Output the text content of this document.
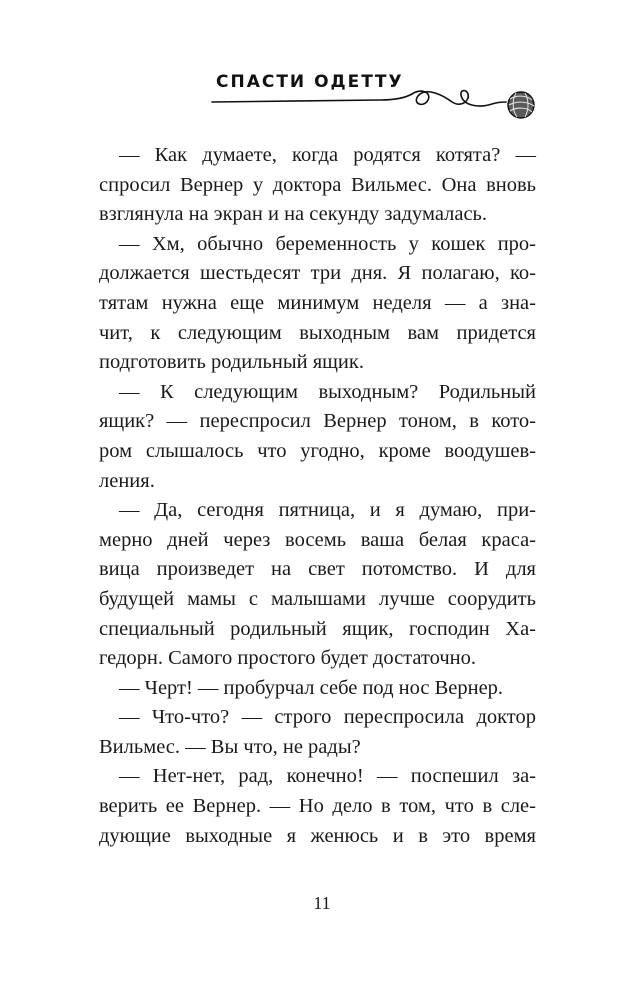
СПАСТИ ОДЕТТУ
— Как думаете, когда родятся котята? —
спросил Вернер у доктора Вильмес. Она вновь
взглянула на экран и на секунду задумалась.
— Хм, обычно беременность у кошек про-
должается шестьдесят три дня. Я полагаю, ко-
тятам нужна еще минимум неделя — а зна-
чит, к следующим выходным вам придется
подготовить родильный ящик.
— К следующим выходным? Родильный
ящик? — переспросил Вернер тоном, в кото-
ром слышалось что угодно, кроме воодушев-
ления.
— Да, сегодня пятница, и я думаю, при-
мерно дней через восемь ваша белая краса-
вица произведет на свет потомство. И для
будущей мамы с малышами лучше соорудить
специальный родильный ящик, господин Ха-
гедорн. Самого простого будет достаточно.
— Черт! — пробурчал себе под нос Вернер.
— Что-что? — строго переспросила доктор
Вильмес. — Вы что, не рады?
— Нет-нет, рад, конечно! — поспешил за-
верить ее Вернер. — Но дело в том, что в сле-
дующие выходные я женюсь и в это время
11
